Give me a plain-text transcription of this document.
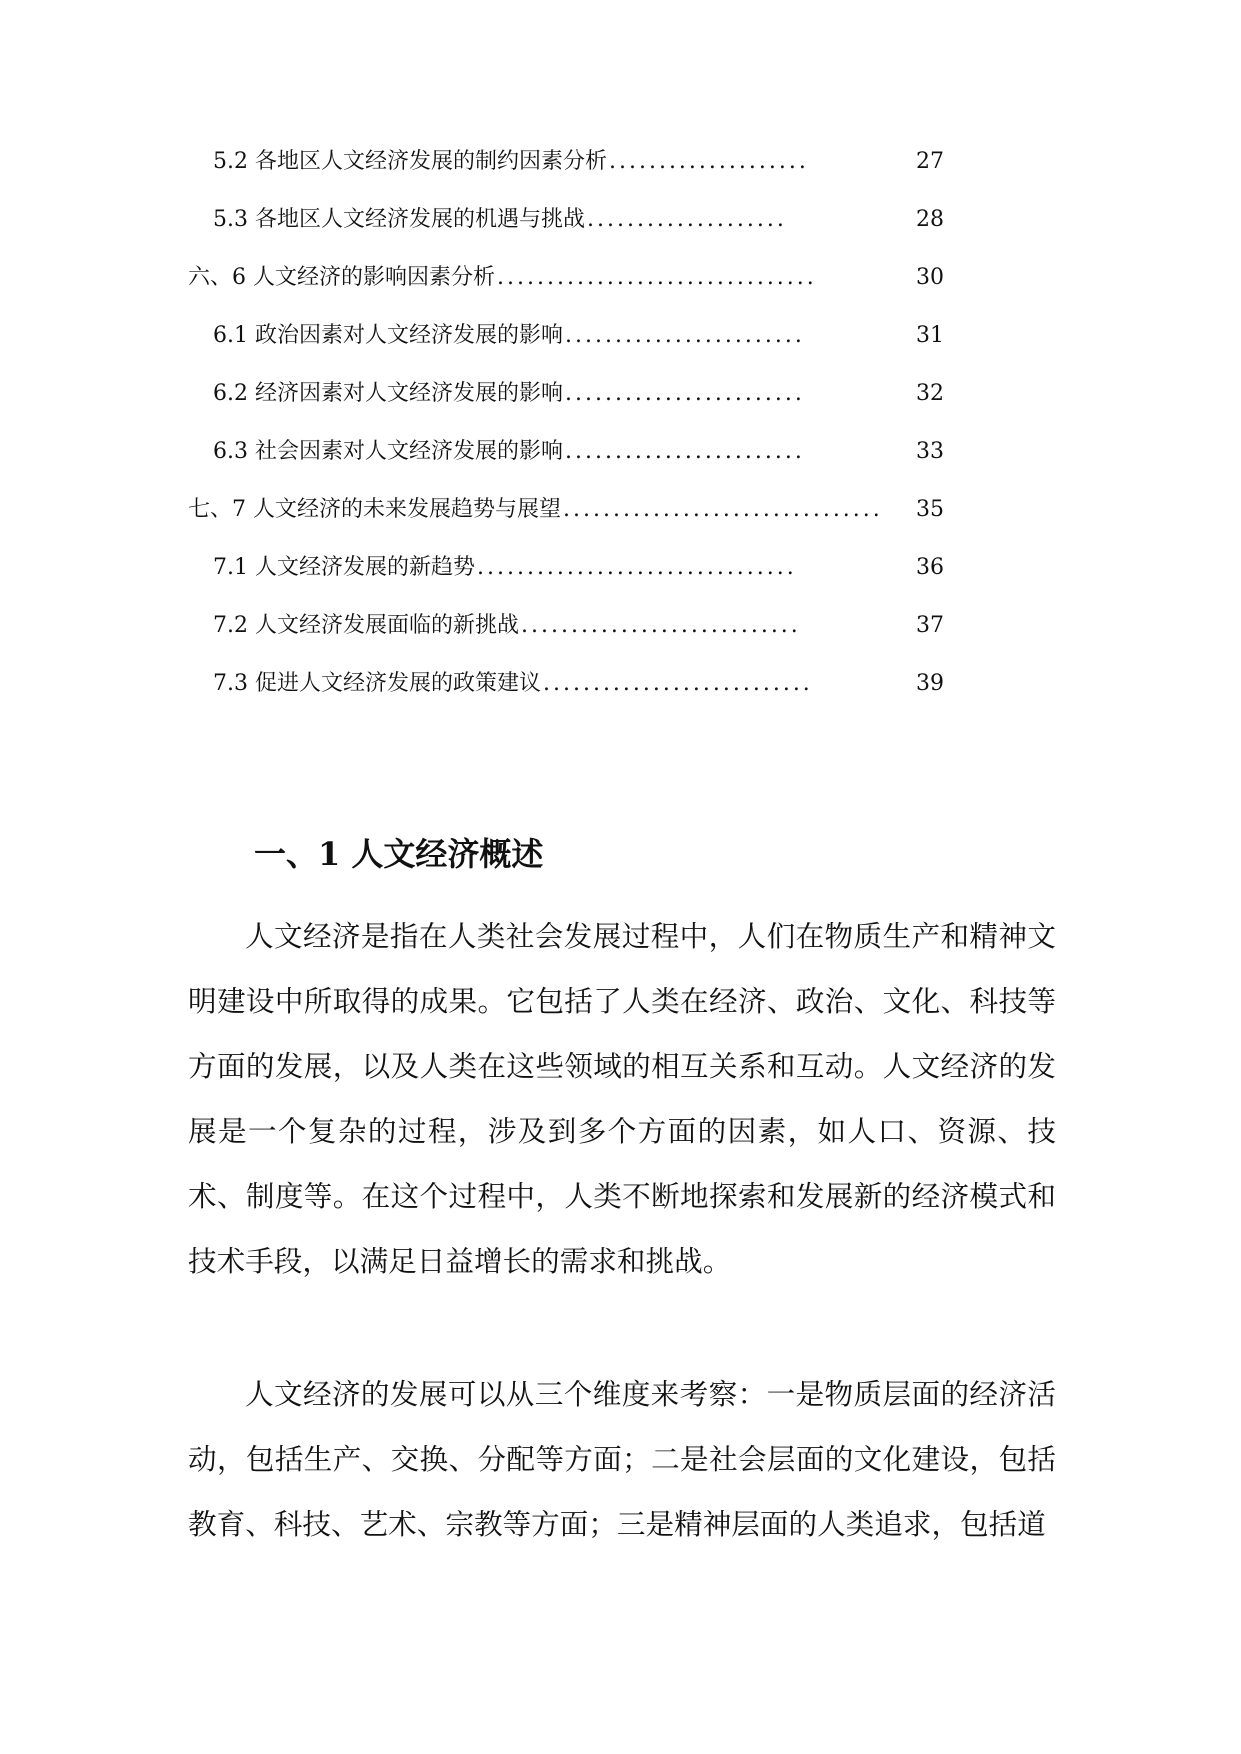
5.2 各地区人文经济发展的制约因素分析 ....................	27
5.3 各地区人文经济发展的机遇与挑战 ....................	28
六、6 人文经济的影响因素分析 ................................	30
6.1 政治因素对人文经济发展的影响 ........................	31
6.2 经济因素对人文经济发展的影响 ........................	32
6.3 社会因素对人文经济发展的影响 ........................	33
七、7 人文经济的未来发展趋势与展望 ................................	35
7.1 人文经济发展的新趋势 ................................	36
7.2 人文经济发展面临的新挑战 ............................	37
7.3 促进人文经济发展的政策建议 ...........................	39
一、1 人文经济概述

人文经济是指在人类社会发展过程中，人们在物质生产和精神文明建设中所取得的成果。它包括了人类在经济、政治、文化、科技等方面的发展，以及人类在这些领域的相互关系和互动。人文经济的发展是一个复杂的过程，涉及到多个方面的因素，如人口、资源、技术、制度等。在这个过程中，人类不断地探索和发展新的经济模式和技术手段，以满足日益增长的需求和挑战。

人文经济的发展可以从三个维度来考察：一是物质层面的经济活动，包括生产、交换、分配等方面；二是社会层面的文化建设，包括教育、科技、艺术、宗教等方面；三是精神层面的人类追求，包括道
